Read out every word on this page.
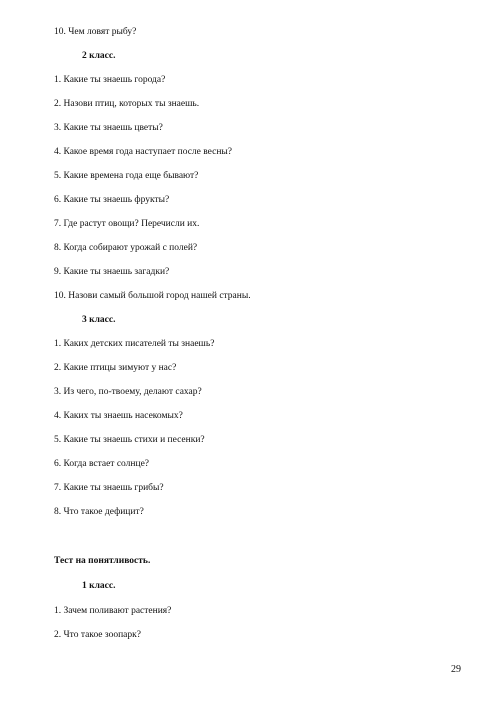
10. Чем ловят рыбу?
2 класс.
1. Какие ты знаешь города?
2. Назови птиц, которых ты знаешь.
3. Какие ты знаешь цветы?
4. Какое время года наступает после весны?
5. Какие времена года еще бывают?
6. Какие ты знаешь фрукты?
7. Где растут овощи? Перечисли их.
8. Когда собирают урожай с полей?
9. Какие ты знаешь загадки?
10. Назови самый большой город нашей страны.
3 класс.
1. Каких детских писателей ты знаешь?
2. Какие птицы зимуют у нас?
3. Из чего, по-твоему, делают сахар?
4. Каких ты знаешь насекомых?
5. Какие ты знаешь стихи и песенки?
6. Когда встает солнце?
7. Какие ты знаешь грибы?
8. Что такое дефицит?
Тест на понятливость.
1 класс.
1. Зачем поливают растения?
2. Что такое зоопарк?
29
